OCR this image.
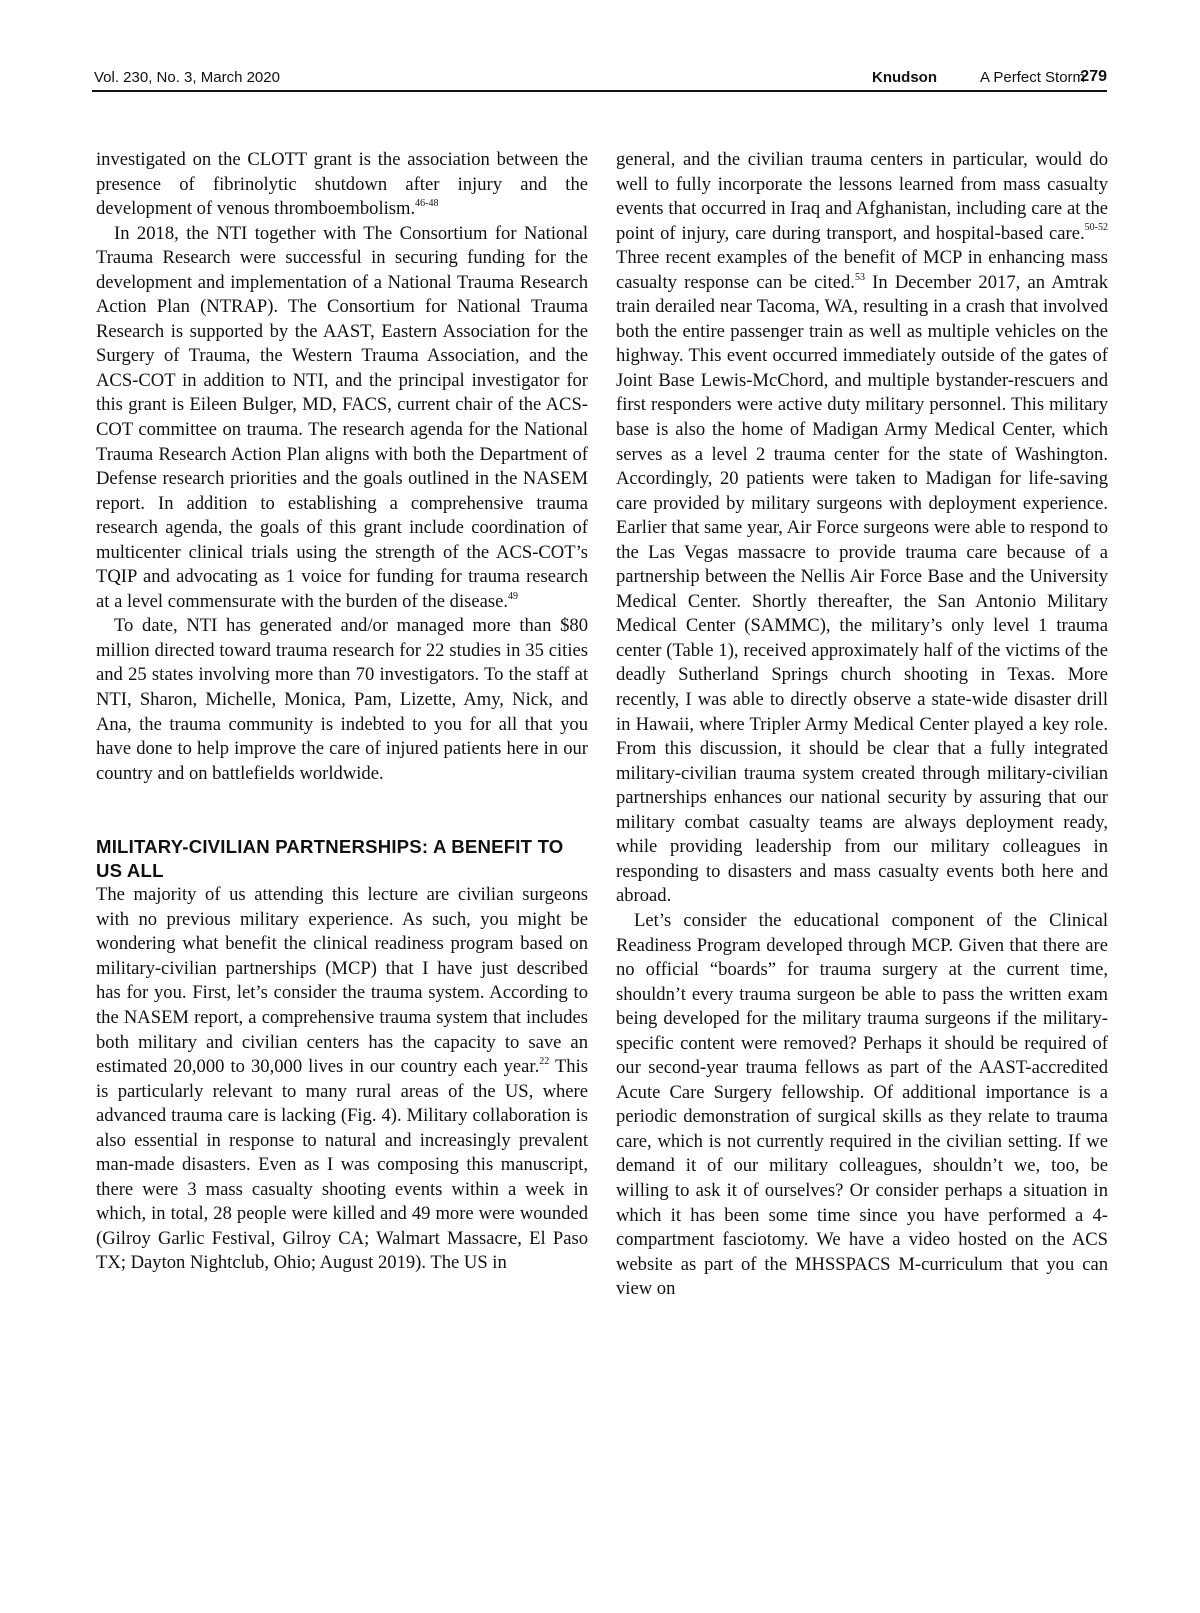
Vol. 230, No. 3, March 2020	Knudson	A Perfect Storm
279

investigated on the CLOTT grant is the association between the presence of fibrinolytic shutdown after injury and the development of venous thromboembolism.$^{46-48}$

In 2018, the NTI together with The Consortium for National Trauma Research were successful in securing funding for the development and implementation of a National Trauma Research Action Plan (NTRAP). The Consortium for National Trauma Research is supported by the AAST, Eastern Association for the Surgery of Trauma, the Western Trauma Association, and the ACS-COT in addition to NTI, and the principal investigator for this grant is Eileen Bulger, MD, FACS, current chair of the ACS-COT committee on trauma. The research agenda for the National Trauma Research Action Plan aligns with both the Department of Defense research priorities and the goals outlined in the NASEM report. In addition to establishing a comprehensive trauma research agenda, the goals of this grant include coordination of multicenter clinical trials using the strength of the ACS-COT’s TQIP and advocating as 1 voice for funding for trauma research at a level commensurate with the burden of the disease.$^{49}$

To date, NTI has generated and/or managed more than $80 million directed toward trauma research for 22 studies in 35 cities and 25 states involving more than 70 investigators. To the staff at NTI, Sharon, Michelle, Monica, Pam, Lizette, Amy, Nick, and Ana, the trauma community is indebted to you for all that you have done to help improve the care of injured patients here in our country and on battlefields worldwide.

MILITARY-CIVILIAN PARTNERSHIPS: A BENEFIT TO US ALL

The majority of us attending this lecture are civilian surgeons with no previous military experience. As such, you might be wondering what benefit the clinical readiness program based on military-civilian partnerships (MCP) that I have just described has for you. First, let’s consider the trauma system. According to the NASEM report, a comprehensive trauma system that includes both military and civilian centers has the capacity to save an estimated 20,000 to 30,000 lives in our country each year.$^{22}$ This is particularly relevant to many rural areas of the US, where advanced trauma care is lacking (Fig. 4). Military collaboration is also essential in response to natural and increasingly prevalent man-made disasters. Even as I was composing this manuscript, there were 3 mass casualty shooting events within a week in which, in total, 28 people were killed and 49 more were wounded (Gilroy Garlic Festival, Gilroy CA; Walmart Massacre, El Paso TX; Dayton Nightclub, Ohio; August 2019). The US in

general, and the civilian trauma centers in particular, would do well to fully incorporate the lessons learned from mass casualty events that occurred in Iraq and Afghanistan, including care at the point of injury, care during transport, and hospital-based care.$^{50-52}$ Three recent examples of the benefit of MCP in enhancing mass casualty response can be cited.$^{53}$ In December 2017, an Amtrak train derailed near Tacoma, WA, resulting in a crash that involved both the entire passenger train as well as multiple vehicles on the highway. This event occurred immediately outside of the gates of Joint Base Lewis-McChord, and multiple bystander-rescuers and first responders were active duty military personnel. This military base is also the home of Madigan Army Medical Center, which serves as a level 2 trauma center for the state of Washington. Accordingly, 20 patients were taken to Madigan for life-saving care provided by military surgeons with deployment experience. Earlier that same year, Air Force surgeons were able to respond to the Las Vegas massacre to provide trauma care because of a partnership between the Nellis Air Force Base and the University Medical Center. Shortly thereafter, the San Antonio Military Medical Center (SAMMC), the military’s only level 1 trauma center (Table 1), received approximately half of the victims of the deadly Sutherland Springs church shooting in Texas. More recently, I was able to directly observe a state-wide disaster drill in Hawaii, where Tripler Army Medical Center played a key role. From this discussion, it should be clear that a fully integrated military-civilian trauma system created through military-civilian partnerships enhances our national security by assuring that our military combat casualty teams are always deployment ready, while providing leadership from our military colleagues in responding to disasters and mass casualty events both here and abroad.

Let’s consider the educational component of the Clinical Readiness Program developed through MCP. Given that there are no official “boards” for trauma surgery at the current time, shouldn’t every trauma surgeon be able to pass the written exam being developed for the military trauma surgeons if the military-specific content were removed? Perhaps it should be required of our second-year trauma fellows as part of the AAST-accredited Acute Care Surgery fellowship. Of additional importance is a periodic demonstration of surgical skills as they relate to trauma care, which is not currently required in the civilian setting. If we demand it of our military colleagues, shouldn’t we, too, be willing to ask it of ourselves? Or consider perhaps a situation in which it has been some time since you have performed a 4-compartment fasciotomy. We have a video hosted on the ACS website as part of the MHSSPACS M-curriculum that you can view on
